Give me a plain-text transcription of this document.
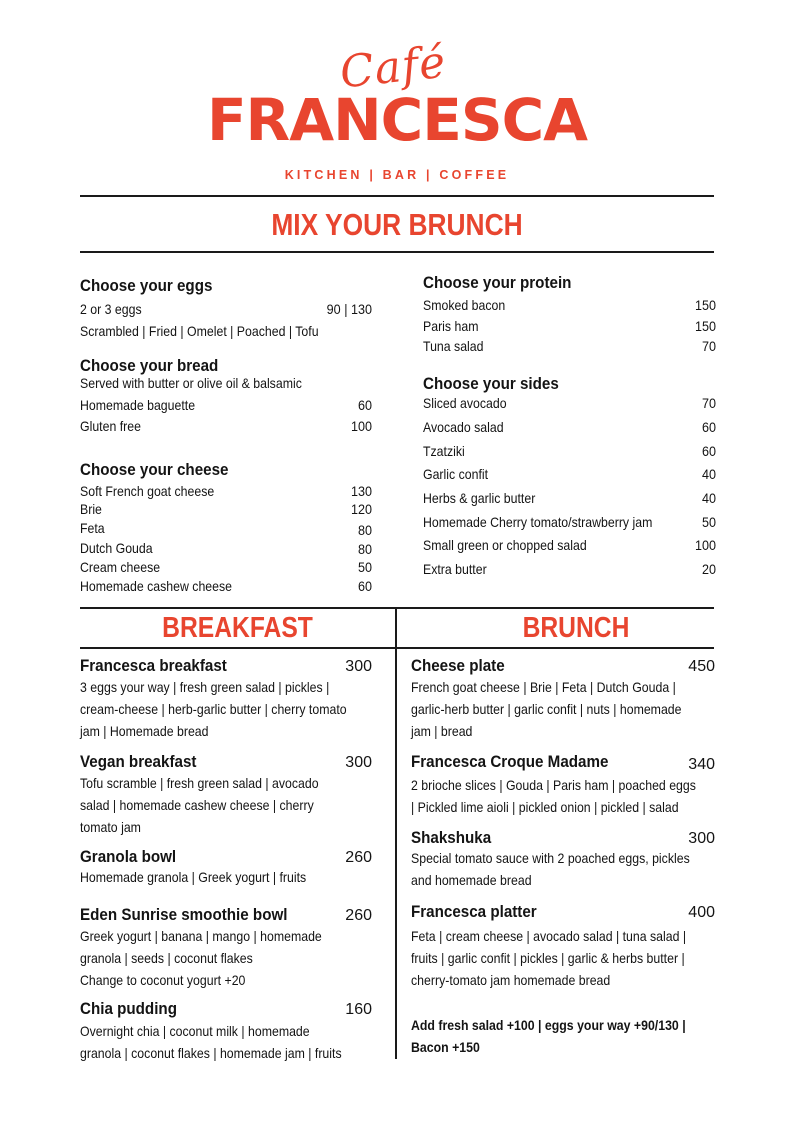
Café
FRANCESCA
KITCHEN | BAR | COFFEE
MIX YOUR BRUNCH
Choose your eggs
2 or 3 eggs	90 | 130
Scrambled | Fried | Omelet | Poached | Tofu
Choose your bread
Served with butter or olive oil & balsamic
Homemade baguette	60
Gluten free	100
Choose your cheese
Soft French goat cheese	130
Brie	120
Feta	80
Dutch Gouda	80
Cream cheese	50
Homemade cashew cheese	60
Choose your protein
Smoked bacon	150
Paris ham	150
Tuna salad	70
Choose your sides
Sliced avocado	70
Avocado salad	60
Tzatziki	60
Garlic confit	40
Herbs & garlic butter	40
Homemade Cherry tomato/strawberry jam	50
Small green or chopped salad	100
Extra butter	20
BREAKFAST	BRUNCH
Francesca breakfast	300
3 eggs your way | fresh green salad | pickles |
cream-cheese | herb-garlic butter | cherry tomato
jam | Homemade bread
Vegan breakfast	300
Tofu scramble | fresh green salad | avocado
salad | homemade cashew cheese | cherry
tomato jam
Granola bowl	260
Homemade granola | Greek yogurt | fruits
Eden Sunrise smoothie bowl	260
Greek yogurt | banana | mango | homemade
granola | seeds | coconut flakes
Change to coconut yogurt +20
Chia pudding	160
Overnight chia | coconut milk | homemade
granola | coconut flakes | homemade jam | fruits
Cheese plate	450
French goat cheese | Brie | Feta | Dutch Gouda |
garlic-herb butter | garlic confit | nuts | homemade
jam | bread
Francesca Croque Madame	340
2 brioche slices | Gouda | Paris ham | poached eggs
| Pickled lime aioli | pickled onion | pickled | salad
Shakshuka	300
Special tomato sauce with 2 poached eggs, pickles
and homemade bread
Francesca platter	400
Feta | cream cheese | avocado salad | tuna salad |
fruits | garlic confit | pickles | garlic & herbs butter |
cherry-tomato jam homemade bread
Add fresh salad +100 | eggs your way +90/130 |
Bacon +150
